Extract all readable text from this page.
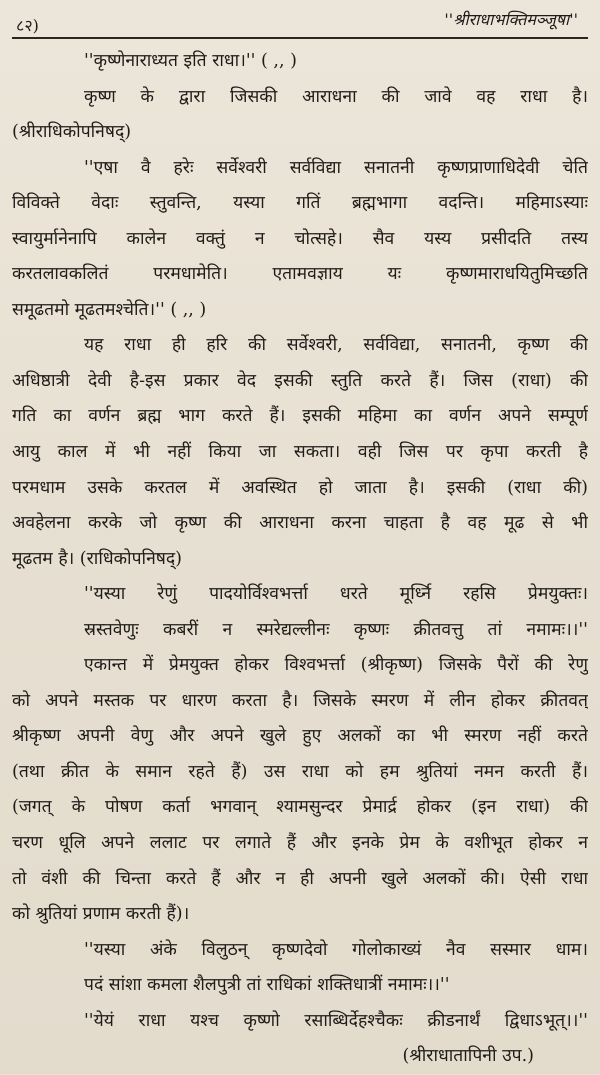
८२)	''श्रीराधाभक्तिमञ्जूषा''
''कृष्णेनाराध्यत इति राधा।'' ( ,, )
कृष्ण के द्वारा जिसकी आराधना की जावे वह राधा है।
(श्रीराधिकोपनिषद्)
''एषा वै हरेः सर्वेश्वरी सर्वविद्या सनातनी कृष्णप्राणाधिदेवी चेति
विविक्ते वेदाः स्तुवन्ति, यस्या गतिं ब्रह्मभागा वदन्ति। महिमाऽस्याः
स्वायुर्मानेनापि कालेन वक्तुं न चोत्सहे। सैव यस्य प्रसीदति तस्य
करतलावकलितं परमधामेति। एतामवज्ञाय यः कृष्णमाराधयितुमिच्छति
समूढतमो मूढतमश्चेति।'' ( ,, )
यह राधा ही हरि की सर्वेश्वरी, सर्वविद्या, सनातनी, कृष्ण की
अधिष्ठात्री देवी है-इस प्रकार वेद इसकी स्तुति करते हैं। जिस (राधा) की
गति का वर्णन ब्रह्म भाग करते हैं। इसकी महिमा का वर्णन अपने सम्पूर्ण
आयु काल में भी नहीं किया जा सकता। वही जिस पर कृपा करती है
परमधाम उसके करतल में अवस्थित हो जाता है। इसकी (राधा की)
अवहेलना करके जो कृष्ण की आराधना करना चाहता है वह मूढ से भी
मूढतम है। (राधिकोपनिषद्)
''यस्या रेणुं पादयोर्विश्वभर्त्ता धरते मूर्ध्नि रहसि प्रेमयुक्तः।
स्रस्तवेणुः कबरीं न स्मरेद्यल्लीनः कृष्णः क्रीतवत्तु तां नमामः।।''
एकान्त में प्रेमयुक्त होकर विश्वभर्त्ता (श्रीकृष्ण) जिसके पैरों की रेणु
को अपने मस्तक पर धारण करता है। जिसके स्मरण में लीन होकर क्रीतवत्
श्रीकृष्ण अपनी वेणु और अपने खुले हुए अलकों का भी स्मरण नहीं करते
(तथा क्रीत के समान रहते हैं) उस राधा को हम श्रुतियां नमन करती हैं।
(जगत् के पोषण कर्ता भगवान् श्यामसुन्दर प्रेमार्द्र होकर (इन राधा) की
चरण धूलि अपने ललाट पर लगाते हैं और इनके प्रेम के वशीभूत होकर न
तो वंशी की चिन्ता करते हैं और न ही अपनी खुले अलकों की। ऐसी राधा
को श्रुतियां प्रणाम करती हैं)।
''यस्या अंके विलुठन् कृष्णदेवो गोलोकाख्यं नैव सस्मार धाम।
पदं सांशा कमला शैलपुत्री तां राधिकां शक्तिधात्रीं नमामः।।''
''येयं राधा यश्च कृष्णो रसाब्धिर्देहश्चैकः क्रीडनार्थं द्विधाऽभूत्।।''
(श्रीराधातापिनी उप.)
